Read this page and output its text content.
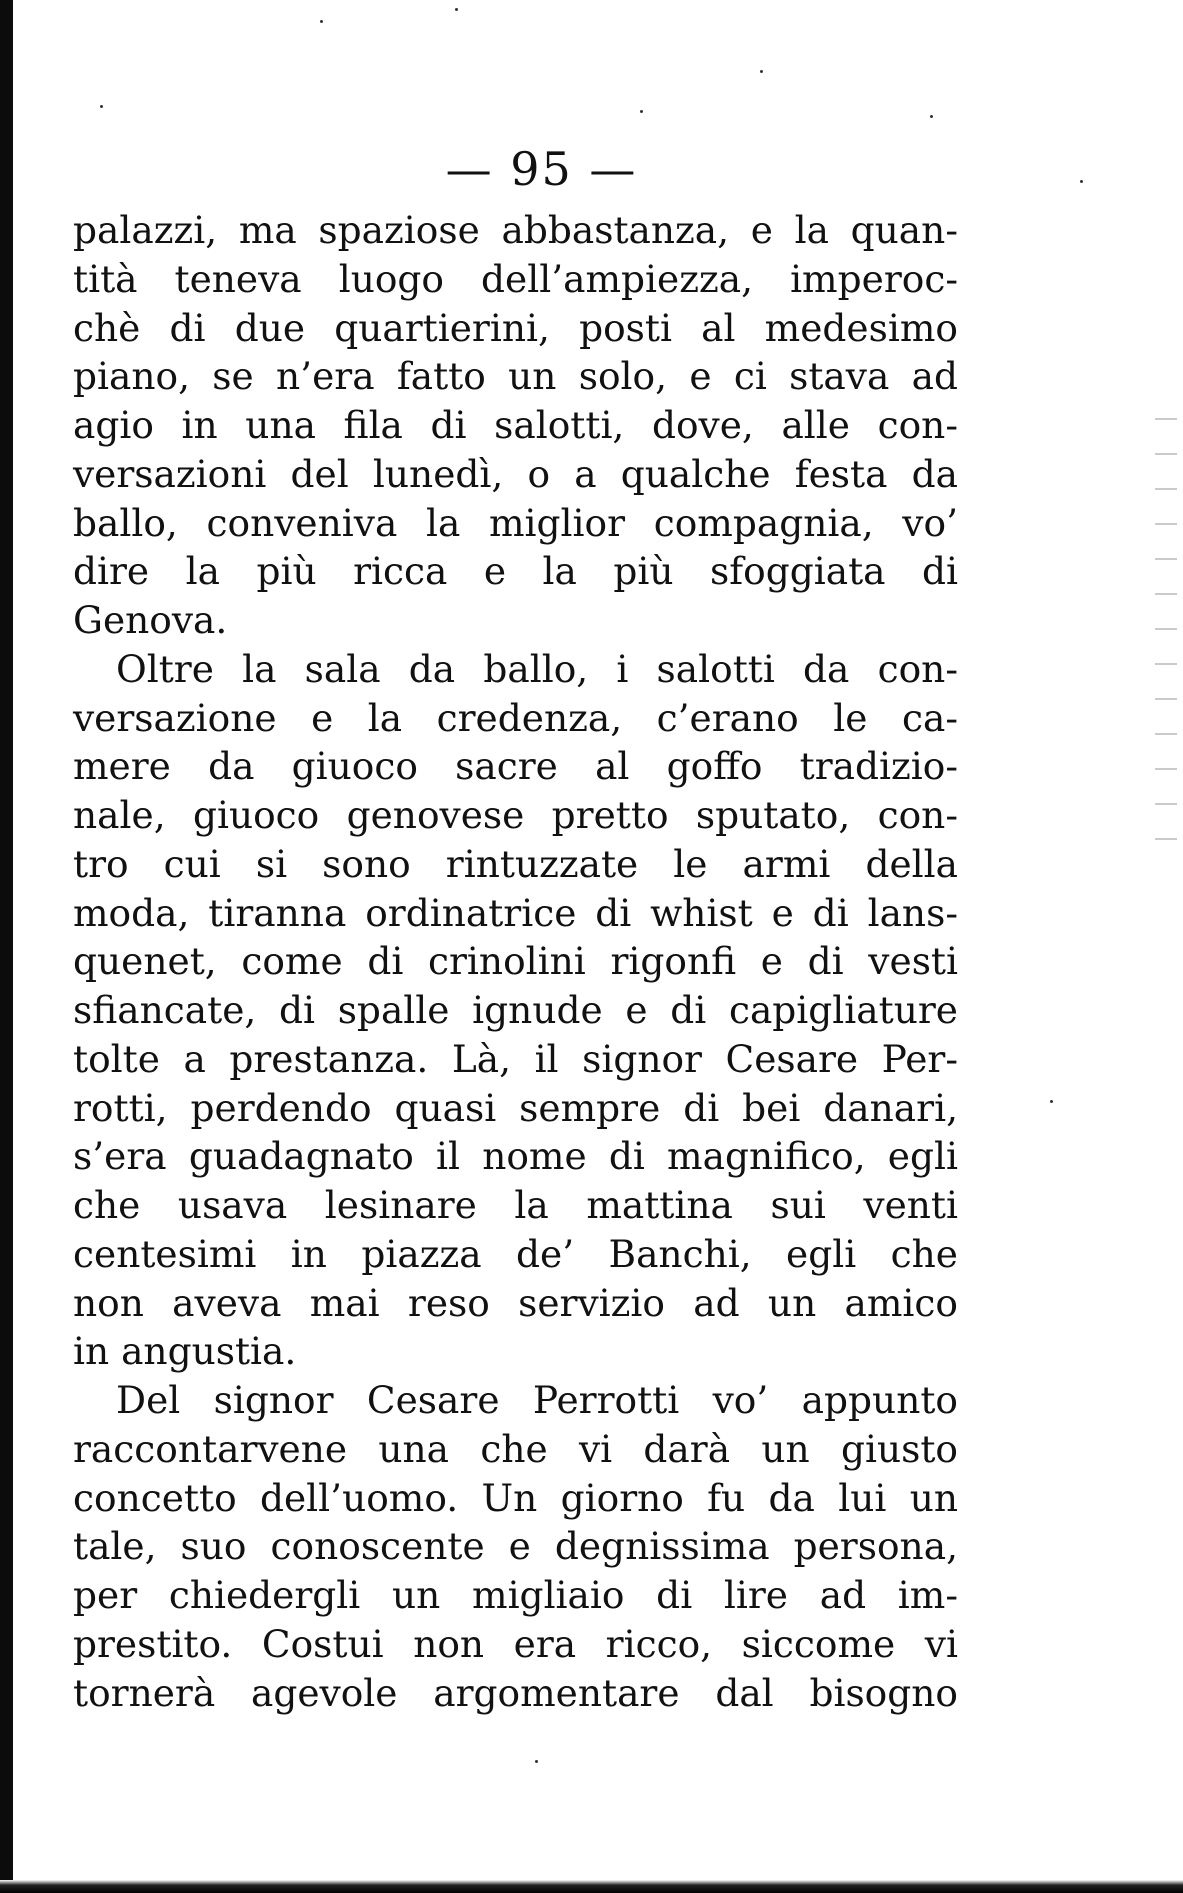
— 95 —
palazzi, ma spaziose abbastanza, e la quan-
tità teneva luogo dell’ampiezza, imperoc-
chè di due quartierini, posti al medesimo
piano, se n’era fatto un solo, e ci stava ad
agio in una fila di salotti, dove, alle con-
versazioni del lunedì, o a qualche festa da
ballo, conveniva la miglior compagnia, vo’
dire la più ricca e la più sfoggiata di
Genova.
Oltre la sala da ballo, i salotti da con-
versazione e la credenza, c’erano le ca-
mere da giuoco sacre al goffo tradizio-
nale, giuoco genovese pretto sputato, con-
tro cui si sono rintuzzate le armi della
moda, tiranna ordinatrice di whist e di lans-
quenet, come di crinolini rigonfi e di vesti
sfiancate, di spalle ignude e di capigliature
tolte a prestanza. Là, il signor Cesare Per-
rotti, perdendo quasi sempre di bei danari,
s’era guadagnato il nome di magnifico, egli
che usava lesinare la mattina sui venti
centesimi in piazza de’ Banchi, egli che
non aveva mai reso servizio ad un amico
in angustia.
Del signor Cesare Perrotti vo’ appunto
raccontarvene una che vi darà un giusto
concetto dell’uomo. Un giorno fu da lui un
tale, suo conoscente e degnissima persona,
per chiedergli un migliaio di lire ad im-
prestito. Costui non era ricco, siccome vi
tornerà agevole argomentare dal bisogno
